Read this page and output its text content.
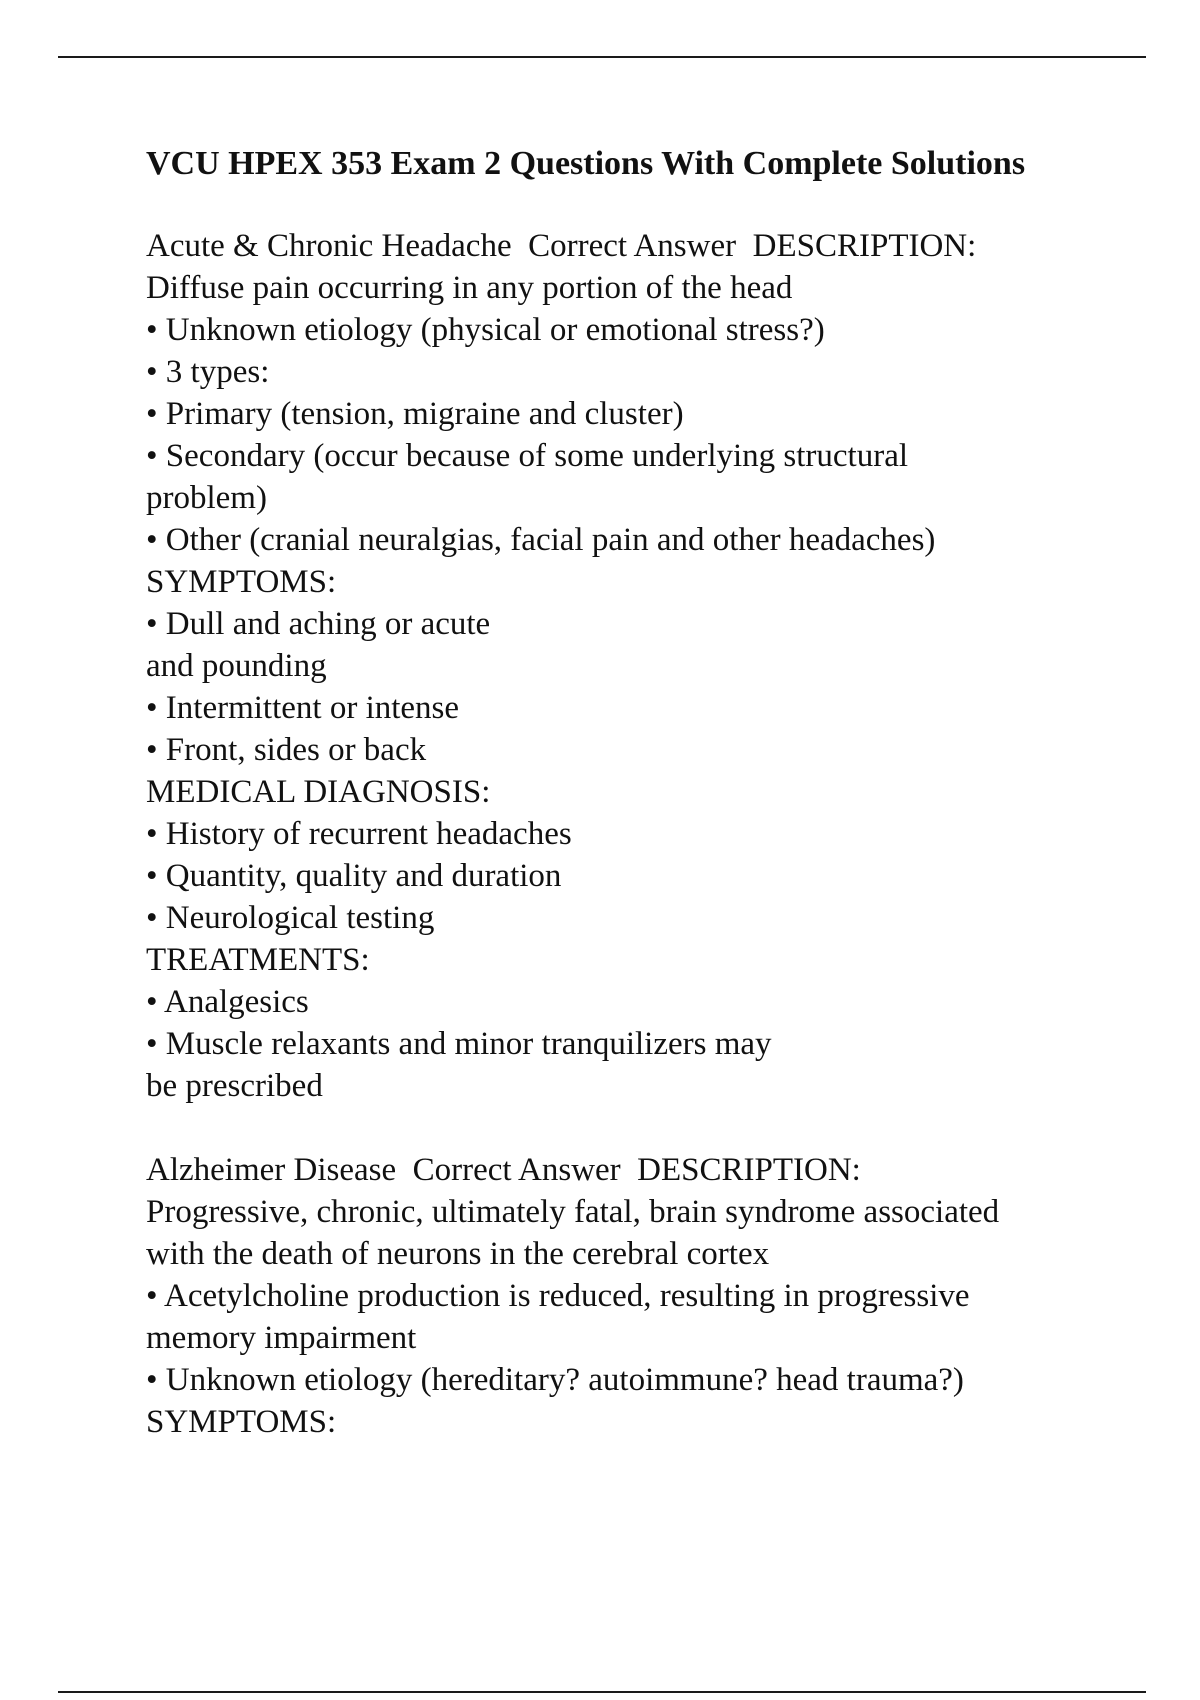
VCU HPEX 353 Exam 2 Questions With Complete Solutions
Acute & Chronic Headache  Correct Answer  DESCRIPTION:
Diffuse pain occurring in any portion of the head
• Unknown etiology (physical or emotional stress?)
• 3 types:
• Primary (tension, migraine and cluster)
• Secondary (occur because of some underlying structural
problem)
• Other (cranial neuralgias, facial pain and other headaches)
SYMPTOMS:
• Dull and aching or acute
and pounding
• Intermittent or intense
• Front, sides or back
MEDICAL DIAGNOSIS:
• History of recurrent headaches
• Quantity, quality and duration
• Neurological testing
TREATMENTS:
• Analgesics
• Muscle relaxants and minor tranquilizers may
be prescribed
Alzheimer Disease  Correct Answer  DESCRIPTION:
Progressive, chronic, ultimately fatal, brain syndrome associated
with the death of neurons in the cerebral cortex
• Acetylcholine production is reduced, resulting in progressive
memory impairment
• Unknown etiology (hereditary? autoimmune? head trauma?)
SYMPTOMS:
